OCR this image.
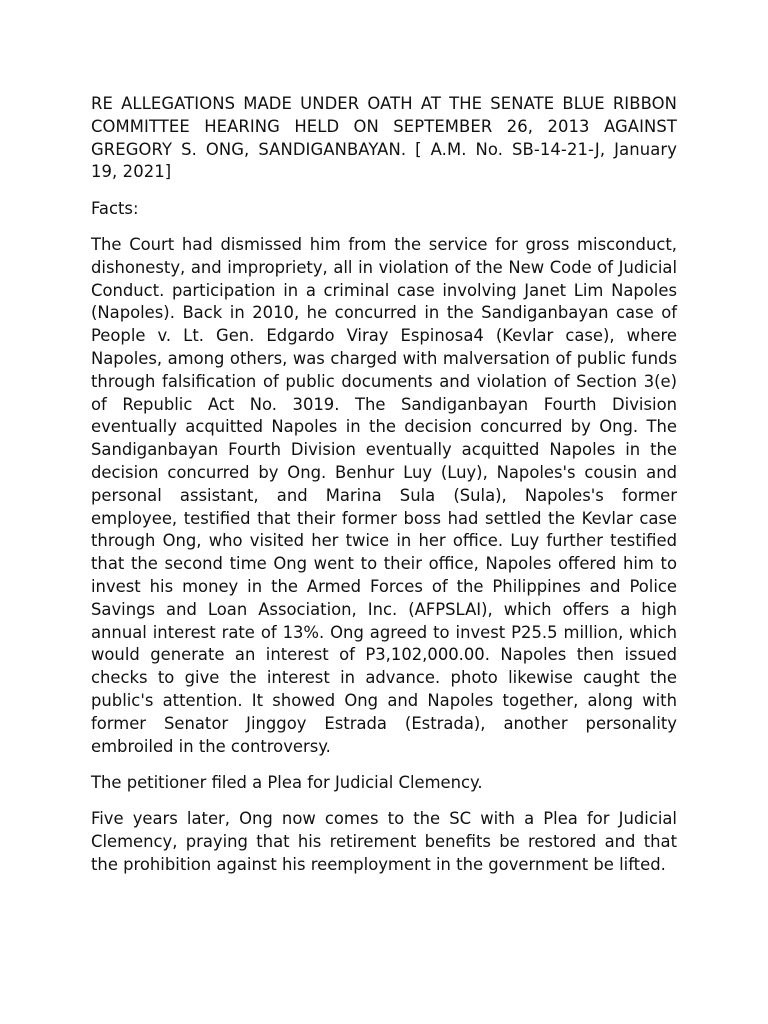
RE ALLEGATIONS MADE UNDER OATH AT THE SENATE BLUE RIBBON COMMITTEE HEARING HELD ON SEPTEMBER 26, 2013 AGAINST GREGORY S. ONG, SANDIGANBAYAN. [ A.M. No. SB-14-21-J, January 19, 2021]

Facts:

The Court had dismissed him from the service for gross misconduct, dishonesty, and impropriety, all in violation of the New Code of Judicial Conduct. participation in a criminal case involving Janet Lim Napoles (Napoles). Back in 2010, he concurred in the Sandiganbayan case of People v. Lt. Gen. Edgardo Viray Espinosa4 (Kevlar case), where Napoles, among others, was charged with malversation of public funds through falsification of public documents and violation of Section 3(e) of Republic Act No. 3019. The Sandiganbayan Fourth Division eventually acquitted Napoles in the decision concurred by Ong. The Sandiganbayan Fourth Division eventually acquitted Napoles in the decision concurred by Ong. Benhur Luy (Luy), Napoles's cousin and personal assistant, and Marina Sula (Sula), Napoles's former employee, testified that their former boss had settled the Kevlar case through Ong, who visited her twice in her office. Luy further testified that the second time Ong went to their office, Napoles offered him to invest his money in the Armed Forces of the Philippines and Police Savings and Loan Association, Inc. (AFPSLAI), which offers a high annual interest rate of 13%. Ong agreed to invest P25.5 million, which would generate an interest of P3,102,000.00. Napoles then issued checks to give the interest in advance. photo likewise caught the public's attention. It showed Ong and Napoles together, along with former Senator Jinggoy Estrada (Estrada), another personality embroiled in the controversy.

The petitioner filed a Plea for Judicial Clemency.

Five years later, Ong now comes to the SC with a Plea for Judicial Clemency, praying that his retirement benefits be restored and that the prohibition against his reemployment in the government be lifted.
